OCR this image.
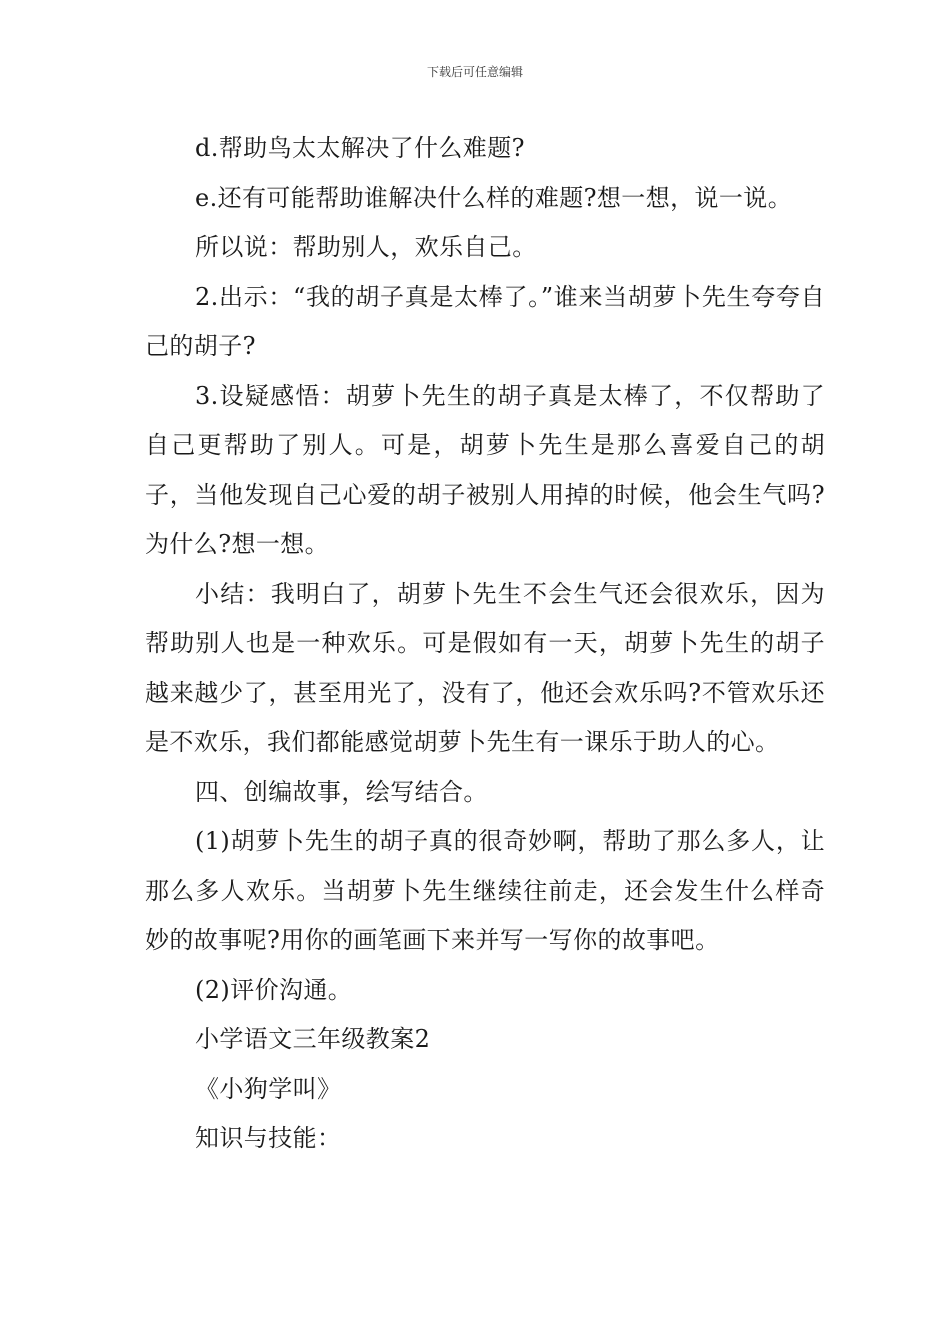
下载后可任意编辑

d.帮助鸟太太解决了什么难题?

e.还有可能帮助谁解决什么样的难题?想一想，说一说。

所以说：帮助别人，欢乐自己。

2.出示：“我的胡子真是太棒了。”谁来当胡萝卜先生夸夸自己的胡子?

3.设疑感悟：胡萝卜先生的胡子真是太棒了，不仅帮助了自己更帮助了别人。可是，胡萝卜先生是那么喜爱自己的胡子，当他发现自己心爱的胡子被别人用掉的时候，他会生气吗?为什么?想一想。

小结：我明白了，胡萝卜先生不会生气还会很欢乐，因为帮助别人也是一种欢乐。可是假如有一天，胡萝卜先生的胡子越来越少了，甚至用光了，没有了，他还会欢乐吗?不管欢乐还是不欢乐，我们都能感觉胡萝卜先生有一课乐于助人的心。

四、创编故事，绘写结合。

(1)胡萝卜先生的胡子真的很奇妙啊，帮助了那么多人，让那么多人欢乐。当胡萝卜先生继续往前走，还会发生什么样奇妙的故事呢?用你的画笔画下来并写一写你的故事吧。

(2)评价沟通。

小学语文三年级教案2

《小狗学叫》

知识与技能：
